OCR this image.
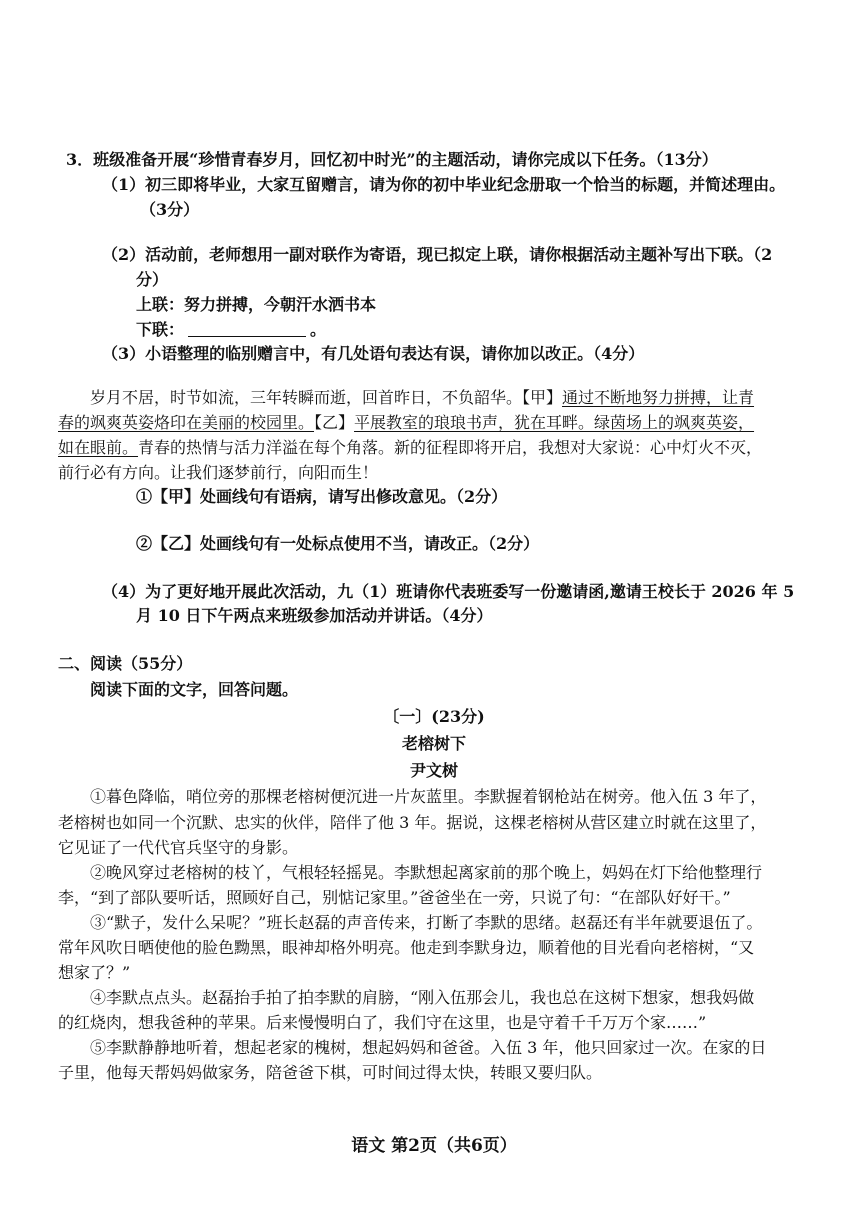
3．班级准备开展“珍惜青春岁月，回忆初中时光”的主题活动，请你完成以下任务。（13分）
（1）初三即将毕业，大家互留赠言，请为你的初中毕业纪念册取一个恰当的标题，并简述理由。
（3分）
（2）活动前，老师想用一副对联作为寄语，现已拟定上联，请你根据活动主题补写出下联。（2
分）
上联：努力拼搏，今朝汗水洒书本
下联：	。
（3）小语整理的临别赠言中，有几处语句表达有误，请你加以改正。（4分）
岁月不居，时节如流，三年转瞬而逝，回首昨日，不负韶华。【甲】通过不断地努力拼搏，让青
春的飒爽英姿烙印在美丽的校园里。【乙】平展教室的琅琅书声，犹在耳畔。绿茵场上的飒爽英姿，
如在眼前。青春的热情与活力洋溢在每个角落。新的征程即将开启，我想对大家说：心中灯火不灭，
前行必有方向。让我们逐梦前行，向阳而生！
①【甲】处画线句有语病，请写出修改意见。（2分）
②【乙】处画线句有一处标点使用不当，请改正。（2分）
（4）为了更好地开展此次活动，九（1）班请你代表班委写一份邀请函,邀请王校长于 2026 年 5
月 10 日下午两点来班级参加活动并讲话。（4分）
二、阅读（55分）
阅读下面的文字，回答问题。
〔一〕(23分)
老榕树下
尹文树
①暮色降临，哨位旁的那棵老榕树便沉进一片灰蓝里。李默握着钢枪站在树旁。他入伍 3 年了，
老榕树也如同一个沉默、忠实的伙伴，陪伴了他 3 年。据说，这棵老榕树从营区建立时就在这里了，
它见证了一代代官兵坚守的身影。
②晚风穿过老榕树的枝丫，气根轻轻摇晃。李默想起离家前的那个晚上，妈妈在灯下给他整理行
李，“到了部队要听话，照顾好自己，别惦记家里。”爸爸坐在一旁，只说了句：“在部队好好干。”
③“默子，发什么呆呢？”班长赵磊的声音传来，打断了李默的思绪。赵磊还有半年就要退伍了。
常年风吹日晒使他的脸色黝黑，眼神却格外明亮。他走到李默身边，顺着他的目光看向老榕树，“又
想家了？”
④李默点点头。赵磊抬手拍了拍李默的肩膀，“刚入伍那会儿，我也总在这树下想家，想我妈做
的红烧肉，想我爸种的苹果。后来慢慢明白了，我们守在这里，也是守着千千万万个家……”
⑤李默静静地听着，想起老家的槐树，想起妈妈和爸爸。入伍 3 年，他只回家过一次。在家的日
子里，他每天帮妈妈做家务，陪爸爸下棋，可时间过得太快，转眼又要归队。
语文 第2页（共6页）
